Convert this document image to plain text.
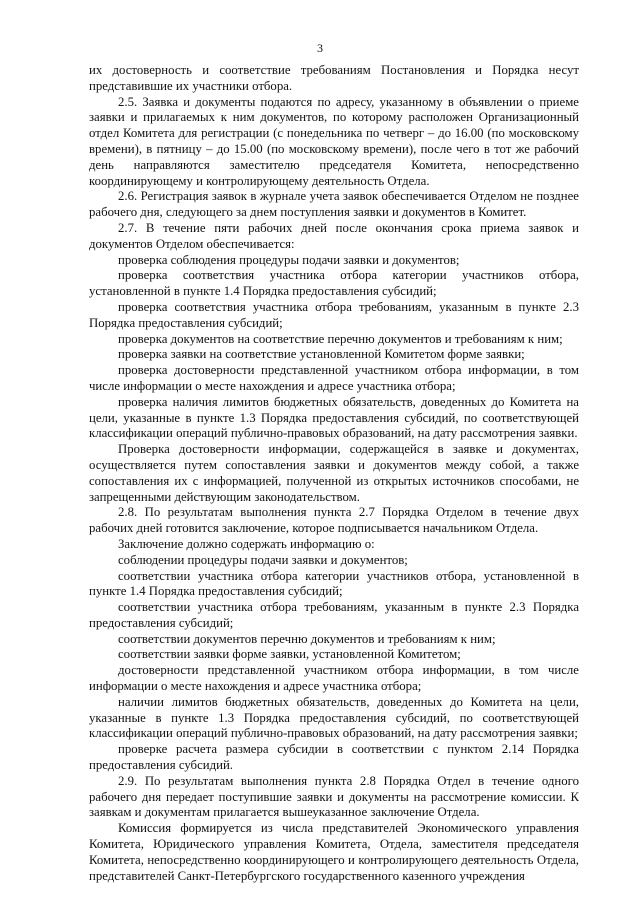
3

их достоверность и соответствие требованиям Постановления и Порядка несут представившие их участники отбора.

2.5. Заявка и документы подаются по адресу, указанному в объявлении о приеме заявки и прилагаемых к ним документов, по которому расположен Организационный отдел Комитета для регистрации (с понедельника по четверг – до 16.00 (по московскому времени), в пятницу – до 15.00 (по московскому времени), после чего в тот же рабочий день направляются заместителю председателя Комитета, непосредственно координирующему и контролирующему деятельность Отдела.

2.6. Регистрация заявок в журнале учета заявок обеспечивается Отделом не позднее рабочего дня, следующего за днем поступления заявки и документов в Комитет.

2.7. В течение пяти рабочих дней после окончания срока приема заявок и документов Отделом обеспечивается:

проверка соблюдения процедуры подачи заявки и документов;

проверка соответствия участника отбора категории участников отбора, установленной в пункте 1.4 Порядка предоставления субсидий;

проверка соответствия участника отбора требованиям, указанным в пункте 2.3 Порядка предоставления субсидий;

проверка документов на соответствие перечню документов и требованиям к ним;

проверка заявки на соответствие установленной Комитетом форме заявки;

проверка достоверности представленной участником отбора информации, в том числе информации о месте нахождения и адресе участника отбора;

проверка наличия лимитов бюджетных обязательств, доведенных до Комитета на цели, указанные в пункте 1.3 Порядка предоставления субсидий, по соответствующей классификации операций публично-правовых образований, на дату рассмотрения заявки.

Проверка достоверности информации, содержащейся в заявке и документах, осуществляется путем сопоставления заявки и документов между собой, а также сопоставления их с информацией, полученной из открытых источников способами, не запрещенными действующим законодательством.

2.8. По результатам выполнения пункта 2.7 Порядка Отделом в течение двух рабочих дней готовится заключение, которое подписывается начальником Отдела.

Заключение должно содержать информацию о:

соблюдении процедуры подачи заявки и документов;

соответствии участника отбора категории участников отбора, установленной в пункте 1.4 Порядка предоставления субсидий;

соответствии участника отбора требованиям, указанным в пункте 2.3 Порядка предоставления субсидий;

соответствии документов перечню документов и требованиям к ним;

соответствии заявки форме заявки, установленной Комитетом;

достоверности представленной участником отбора информации, в том числе информации о месте нахождения и адресе участника отбора;

наличии лимитов бюджетных обязательств, доведенных до Комитета на цели, указанные в пункте 1.3 Порядка предоставления субсидий, по соответствующей классификации операций публично-правовых образований, на дату рассмотрения заявки;

проверке расчета размера субсидии в соответствии с пунктом 2.14 Порядка предоставления субсидий.

2.9. По результатам выполнения пункта 2.8 Порядка Отдел в течение одного рабочего дня передает поступившие заявки и документы на рассмотрение комиссии. К заявкам и документам прилагается вышеуказанное заключение Отдела.

Комиссия формируется из числа представителей Экономического управления Комитета, Юридического управления Комитета, Отдела, заместителя председателя Комитета, непосредственно координирующего и контролирующего деятельность Отдела, представителей Санкт-Петербургского государственного казенного учреждения
